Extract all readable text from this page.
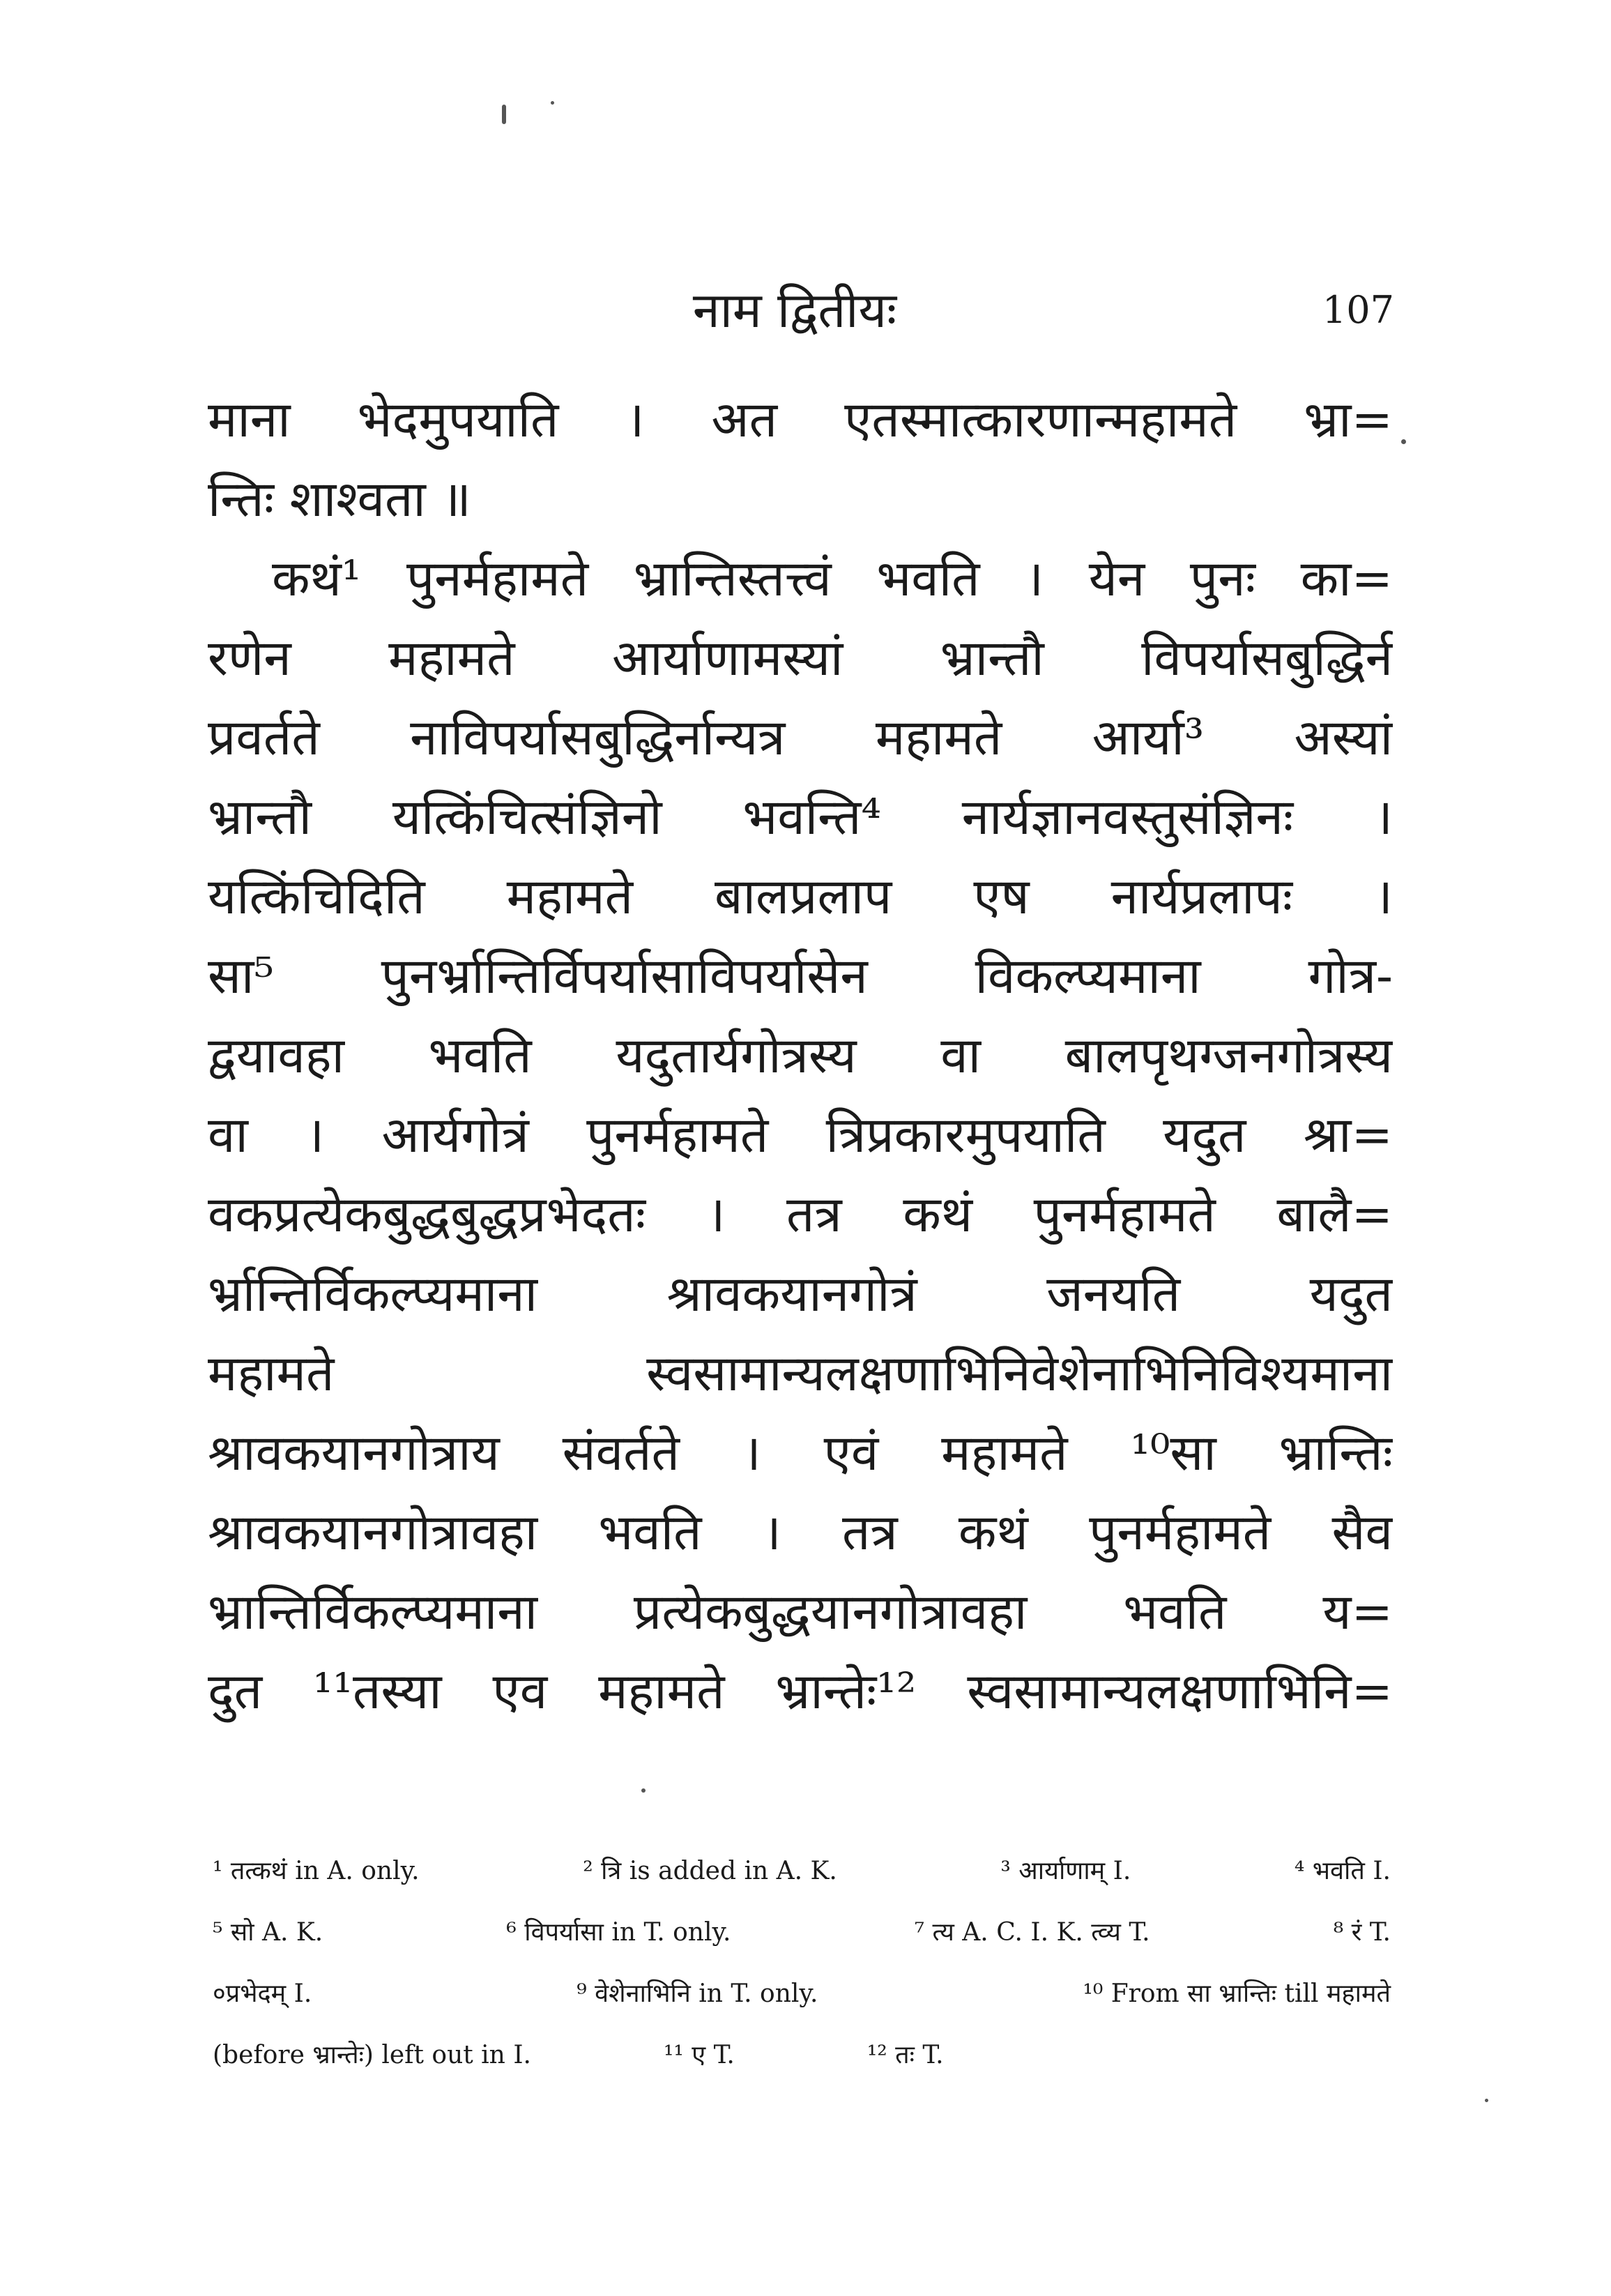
नाम द्वितीयः	107
माना भेदमुपयाति । अत एतस्मात्कारणान्महामते भ्रा=
न्तिः शाश्वता ॥
कथं¹ पुनर्महामते भ्रान्तिस्तत्त्वं भवति । येन पुनः का=
रणेन महामते आर्याणामस्यां भ्रान्तौ विपर्यासबुद्धिर्न
प्रवर्तते नाविपर्यासबुद्धिर्नान्यत्र महामते आर्या³ अस्यां
भ्रान्तौ यत्किंचित्संज्ञिनो भवन्ति⁴ नार्यज्ञानवस्तुसंज्ञिनः ।
यत्किंचिदिति महामते बालप्रलाप एष नार्यप्रलापः ।
सा⁵ पुनर्भ्रान्तिर्विपर्यासाविपर्यासेन विकल्प्यमाना गोत्र-
द्वयावहा भवति यदुतार्यगोत्रस्य वा बालपृथग्जनगोत्रस्य
वा । आर्यगोत्रं पुनर्महामते त्रिप्रकारमुपयाति यदुत श्रा=
वकप्रत्येकबुद्धबुद्धप्रभेदतः । तत्र कथं पुनर्महामते बालै=
र्भ्रान्तिर्विकल्प्यमाना श्रावकयानगोत्रं जनयति यदुत
महामते स्वसामान्यलक्षणाभिनिवेशेनाभिनिविश्यमाना
श्रावकयानगोत्राय संवर्तते । एवं महामते ¹⁰सा भ्रान्तिः
श्रावकयानगोत्रावहा भवति । तत्र कथं पुनर्महामते सैव
भ्रान्तिर्विकल्प्यमाना प्रत्येकबुद्धयानगोत्रावहा भवति य=
दुत ¹¹तस्या एव महामते भ्रान्तेः¹² स्वसामान्यलक्षणाभिनि=
¹ तत्कथं in A. only.	² त्रि is added in A. K.	³ आर्याणाम् I.	⁴ भवति I.
⁵ सो A. K.	⁶ विपर्यासा in T. only.	⁷ त्य A. C. I. K. त्व्य T.	⁸ रं T.
०प्रभेदम् I.	⁹ वेशेनाभिनि in T. only.	¹⁰ From सा भ्रान्तिः till महामते
(before भ्रान्तेः) left out in I.	¹¹ ए T.	¹² तः T.
